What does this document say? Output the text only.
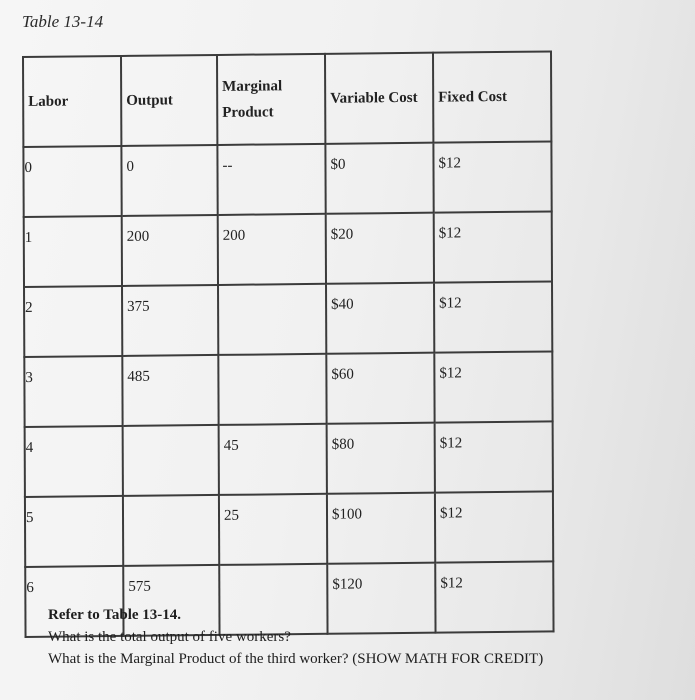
Table 13-14
Labor	Output	Marginal Product	Variable Cost	Fixed Cost
0	0	--	$0	$12
1	200	200	$20	$12
2	375		$40	$12
3	485		$60	$12
4		45	$80	$12
5		25	$100	$12
6	575		$120	$12
Refer to Table 13-14.
What is the total output of five workers?
What is the Marginal Product of the third worker? (SHOW MATH FOR CREDIT)
